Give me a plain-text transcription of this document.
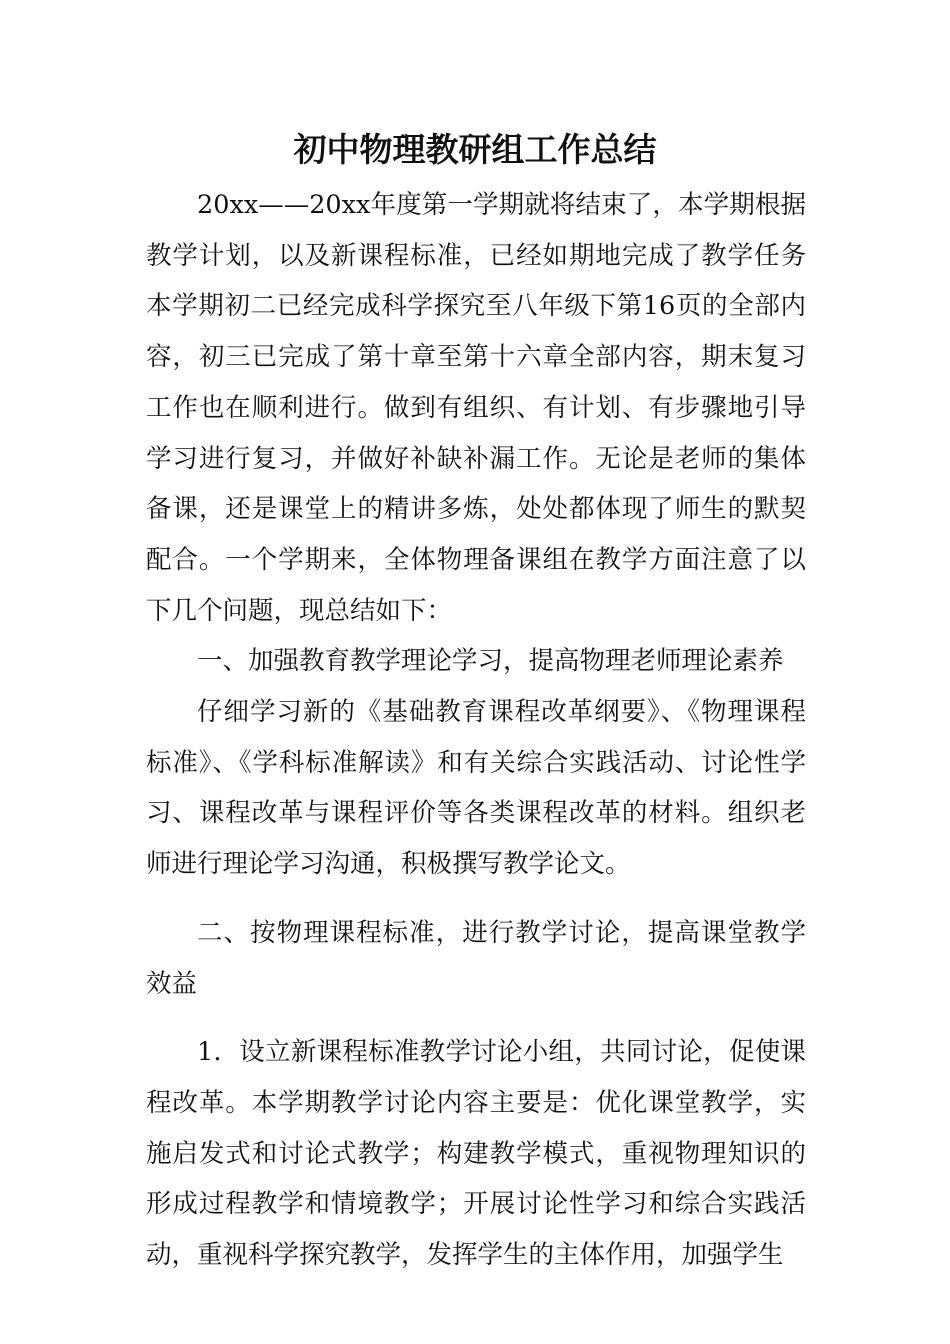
初中物理教研组工作总结

20xx——20xx年度第一学期就将结束了，本学期根据教学计划，以及新课程标准，已经如期地完成了教学任务本学期初二已经完成科学探究至八年级下第16页的全部内容，初三已完成了第十章至第十六章全部内容，期末复习工作也在顺利进行。做到有组织、有计划、有步骤地引导学习进行复习，并做好补缺补漏工作。无论是老师的集体备课，还是课堂上的精讲多炼，处处都体现了师生的默契配合。一个学期来，全体物理备课组在教学方面注意了以下几个问题，现总结如下：

一、加强教育教学理论学习，提高物理老师理论素养

仔细学习新的《基础教育课程改革纲要》、《物理课程标准》、《学科标准解读》和有关综合实践活动、讨论性学习、课程改革与课程评价等各类课程改革的材料。组织老师进行理论学习沟通，积极撰写教学论文。

二、按物理课程标准，进行教学讨论，提高课堂教学效益

1．设立新课程标准教学讨论小组，共同讨论，促使课程改革。本学期教学讨论内容主要是：优化课堂教学，实施启发式和讨论式教学；构建教学模式，重视物理知识的形成过程教学和情境教学；开展讨论性学习和综合实践活动，重视科学探究教学，发挥学生的主体作用，加强学生
